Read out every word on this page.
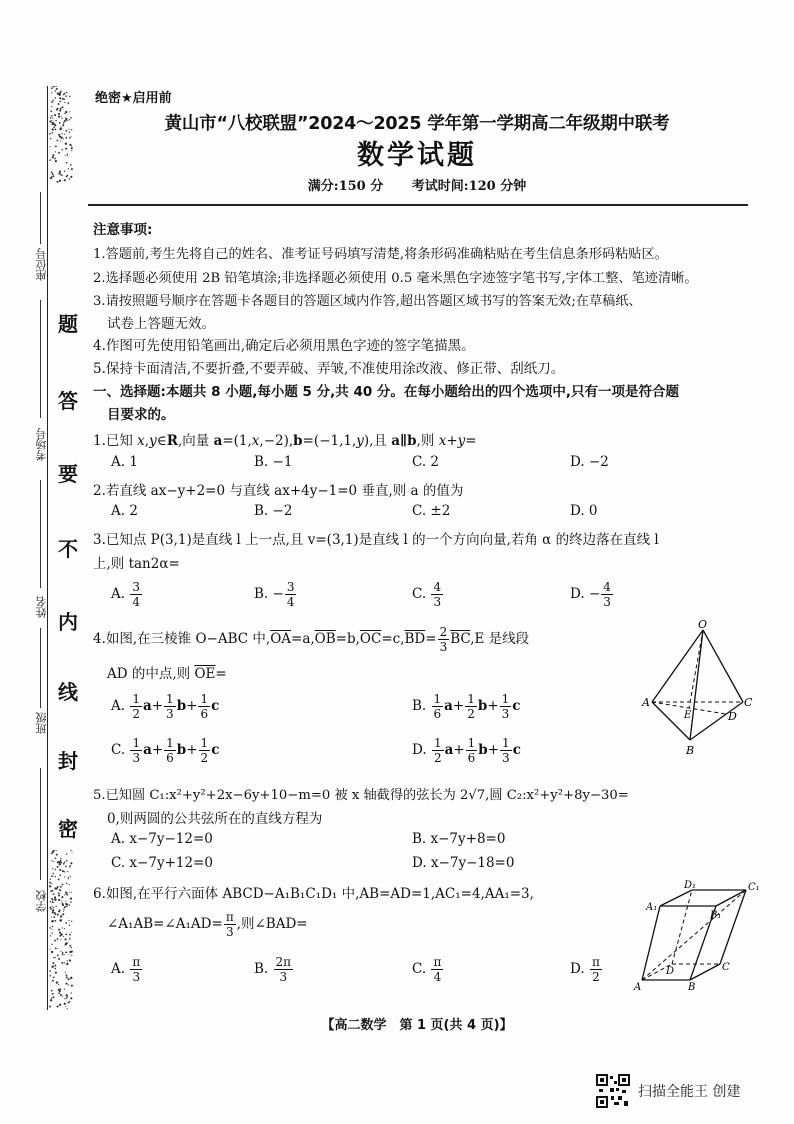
题
答
要
不
内
线
封
密
座位号
考场号
姓名
班级
学校
绝密★启用前
黄山市“八校联盟”2024～2025 学年第一学期高二年级期中联考
数学试题
满分:150 分 考试时间:120 分钟
注意事项:
1.答题前,考生先将自己的姓名、准考证号码填写清楚,将条形码准确粘贴在考生信息条形码粘贴区。
2.选择题必须使用 2B 铅笔填涂;非选择题必须使用 0.5 毫米黑色字迹签字笔书写,字体工整、笔迹清晰。
3.请按照题号顺序在答题卡各题目的答题区域内作答,超出答题区域书写的答案无效;在草稿纸、
试卷上答题无效。
4.作图可先使用铅笔画出,确定后必须用黑色字迹的签字笔描黑。
5.保持卡面清洁,不要折叠,不要弄破、弄皱,不准使用涂改液、修正带、刮纸刀。
一、选择题:本题共 8 小题,每小题 5 分,共 40 分。在每小题给出的四个选项中,只有一项是符合题
目要求的。
1.已知 x,y∈R,向量 a=(1,x,−2),b=(−1,1,y),且 a∥b,则 x+y=
A. 1	B. −1	C. 2	D. −2
2.若直线 ax−y+2=0 与直线 ax+4y−1=0 垂直,则 a 的值为
A. 2	B. −2	C. ±2	D. 0
3.已知点 P(3,1)是直线 l 上一点,且 v=(3,1)是直线 l 的一个方向向量,若角 α 的终边落在直线 l
上,则 tan2α=
A. $\frac{3}{4}$	B. − $\frac{3}{4}$	C. $\frac{4}{3}$	D. − $\frac{4}{3}$
4.如图,在三棱锥 O−ABC 中$,\overline{OA}=a,\overline{OB}=b,\overline{OC}=c,\overline{BD}= \frac{2}{3} \overline{BC},E$ 是线段
AD 的中点,则 $\overline{OE}=$
A. $\frac{1}{2} a+ \frac{1}{3} b+ \frac{1}{6}$ c	B. $\frac{1}{6} a+ \frac{1}{2} b+ \frac{1}{3}$ c
C. $\frac{1}{3} a+ \frac{1}{6} b+ \frac{1}{2}$ c	D. $\frac{1}{2} a+ \frac{1}{6} b+ \frac{1}{3}$ c
O
A	C
B
D
E
5.已知圆 C₁:x²+y²+2x−6y+10−m=0 被 x 轴截得的弦长为 2√7,圆 C₂:x²+y²+8y−30=
0,则两圆的公共弦所在的直线方程为
A. x−7y−12=0	B. x−7y+8=0
C. x−7y+12=0	D. x−7y−18=0
6.如图,在平行六面体 ABCD−A₁B₁C₁D₁ 中,AB=AD=1,AC₁=4,AA₁=3,
∠A₁AB=∠A₁AD= $\frac{\pi}{3}$ ,则∠BAD=
A. $\frac{\pi}{3}$	B. $\frac{2\pi}{3}$	C. $\frac{\pi}{4}$	D. $\frac{\pi}{2}$
D₁	C₁
A₁
B₁
D	C
A	B
【高二数学　第 1 页(共 4 页)】
扫描全能王 创建
